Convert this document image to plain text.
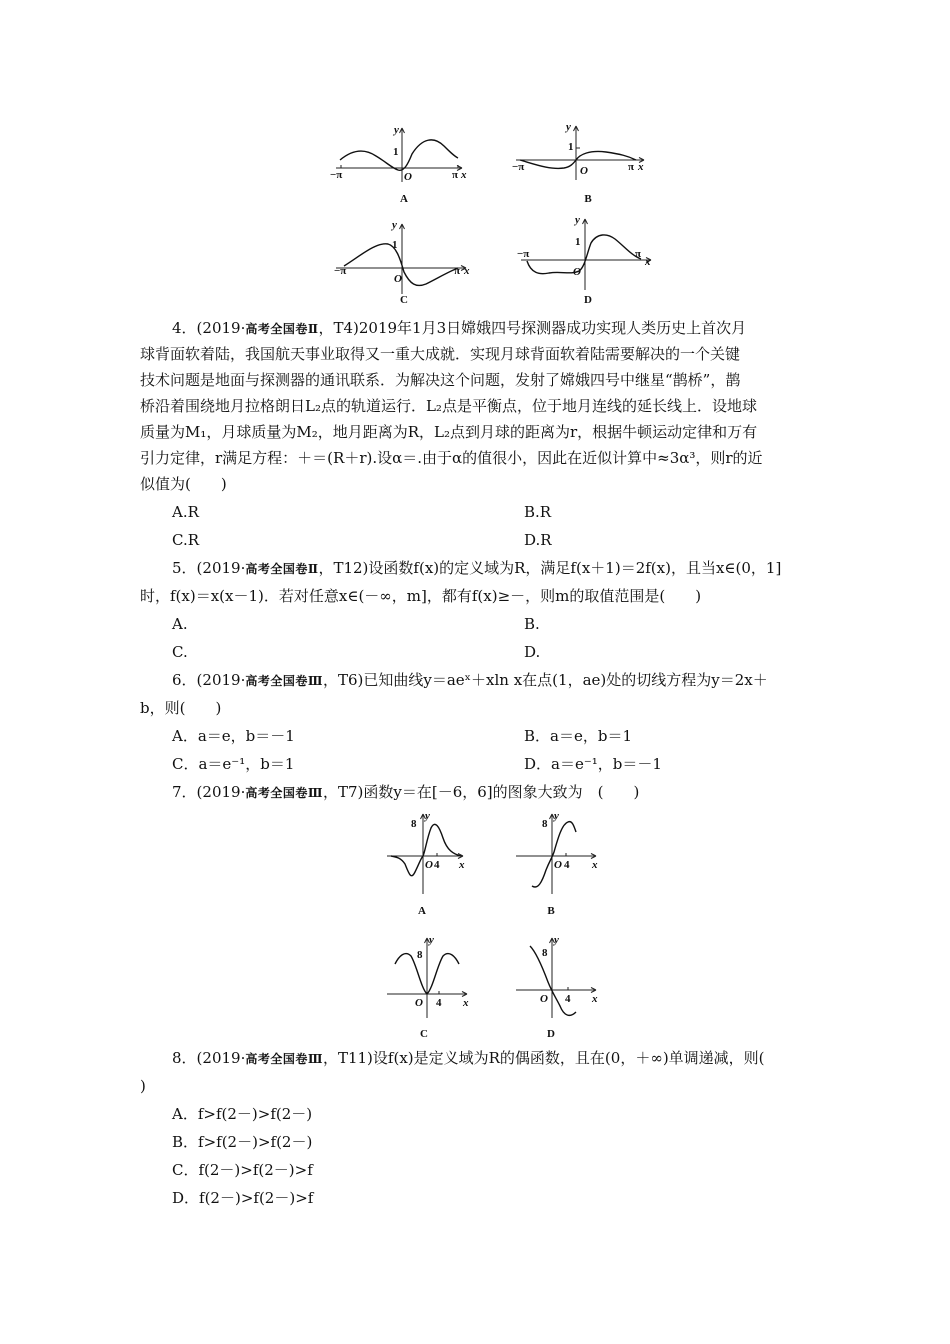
−π	π x
y
1
O
A
−π	π x
y
1
O
B
−π	π x
y
1
O
C
−π	π
x
y
1
O
D
4．(2019·高考全国卷Ⅱ，T4)2019年1月3日嫦娥四号探测器成功实现人类历史上首次月
球背面软着陆，我国航天事业取得又一重大成就．实现月球背面软着陆需要解决的一个关键
技术问题是地面与探测器的通讯联系．为解决这个问题，发射了嫦娥四号中继星“鹊桥”，鹊
桥沿着围绕地月拉格朗日L₂点的轨道运行．L₂点是平衡点，位于地月连线的延长线上．设地球
质量为M₁，月球质量为M₂，地月距离为R，L₂点到月球的距离为r，根据牛顿运动定律和万有
引力定律，r满足方程：＋＝(R＋r).设α＝.由于α的值很小，因此在近似计算中≈3α³，则r的近
似值为(　　)
A.R	B.R
C.R	D.R
5．(2019·高考全国卷Ⅱ，T12)设函数f(x)的定义域为R，满足f(x＋1)＝2f(x)，且当x∈(0，1]
时，f(x)＝x(x－1)．若对任意x∈(－∞，m]，都有f(x)≥－，则m的取值范围是(　　)
A.	B.
C.	D.
6．(2019·高考全国卷Ⅲ，T6)已知曲线y＝aeˣ＋xln x在点(1，ae)处的切线方程为y＝2x＋
b，则(　　)
A．a＝e，b＝－1	B．a＝e，b＝1
C．a＝e⁻¹，b＝1	D．a＝e⁻¹，b＝－1
7．(2019·高考全国卷Ⅲ，T7)函数y＝在[－6，6]的图象大致为　(　　)
8
O 4 x
y
A
8
O 4 x
y
B
8
O 4 x
y
C
8
O 4 x
y
D
8．(2019·高考全国卷Ⅲ，T11)设f(x)是定义域为R的偶函数，且在(0，＋∞)单调递减，则(
)
A．f>f(2－)>f(2－)
B．f>f(2－)>f(2－)
C．f(2－)>f(2－)>f
D．f(2－)>f(2－)>f
